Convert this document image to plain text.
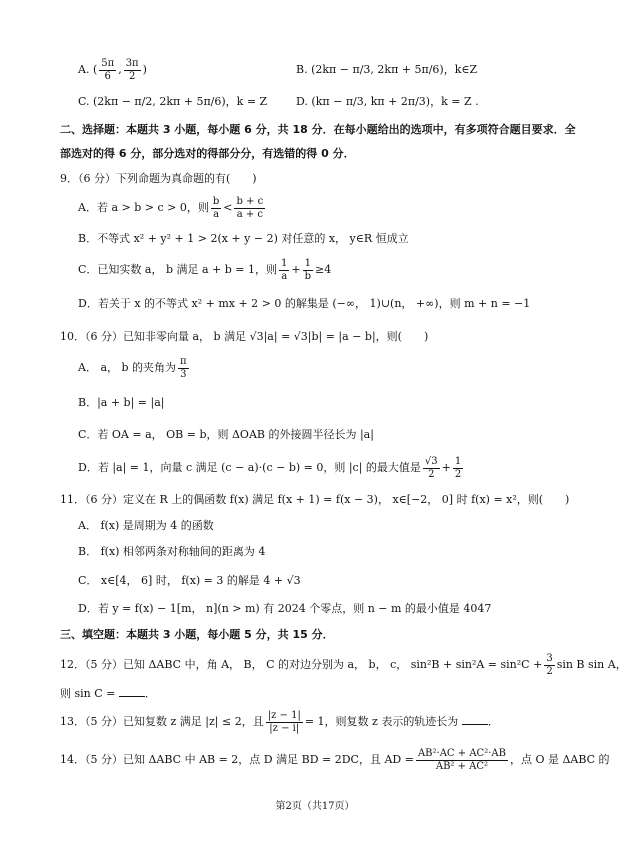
A. ( $\frac{5\pi}{6}$ , $\frac{3\pi}{2}$ )	B. (2kπ − π/3, 2kπ + 5π/6)，k∈Z
C. (2kπ − π/2, 2kπ + 5π/6)，k = Z	D. (kπ − π/3, kπ + 2π/3)，k = Z .
二、选择题：本题共 3 小题，每小题 6 分，共 18 分．在每小题给出的选项中，有多项符合题目要求．全
部选对的得 6 分，部分选对的得部分分，有选错的得 0 分．
9．（6 分）下列命题为真命题的有(　　)
A．若 a > b > c > 0，则 $\frac{b}{a} < \frac{b + c}{a + c}$
B．不等式 x² + y² + 1 > 2(x + y − 2) 对任意的 x， y∈R 恒成立
C．已知实数 a， b 满足 a + b = 1，则 $\frac{1}{a} + \frac{1}{b} \ge 4$
D．若关于 x 的不等式 x² + mx + 2 > 0 的解集是 (−∞， 1)∪(n， +∞)，则 m + n = −1
10．（6 分）已知非零向量 a， b 满足 √3|a| = √3|b| = |a − b|，则(　　)
A． a， b 的夹角为 $\frac{\pi}{3}$
B．|a + b| = |a|
C．若 OA = a， OB = b，则 ΔOAB 的外接圆半径长为 |a|
D．若 |a| = 1，向量 c 满足 (c − a)·(c − b) = 0，则 |c| 的最大值是 $\frac{√3}{2} + \frac{1}{2}$
11．（6 分）定义在 R 上的偶函数 f(x) 满足 f(x + 1) = f(x − 3)， x∈[−2， 0] 时 f(x) = x²，则(　　)
A． f(x) 是周期为 4 的函数
B． f(x) 相邻两条对称轴间的距离为 4
C． x∈[4， 6] 时， f(x) = 3 的解是 4 + √3
D．若 y = f(x) − 1[m， n](n > m) 有 2024 个零点，则 n − m 的最小值是 4047
三、填空题：本题共 3 小题，每小题 5 分，共 15 分．
12．（5 分）已知 ΔABC 中，角 A， B， C 的对边分别为 a， b， c， $\sin^2B + \sin^2A = \sin^2C + \frac{3}{2}$ sin B sin A，
则 sin C =	．
13．（5 分）已知复数 z 满足 |z| ≤ 2，且 $\frac{|z - 1|}{|z - i|} = 1$，则复数 z 表示的轨迹长为	．
14．（5 分）已知 ΔABC 中 AB = 2，点 D 满足 BD = 2DC，且 AD = $\frac{\text{AB²·AC + AC²·AB}}{\text{AB² + AC²}}$ ，点 O 是 ΔABC 的
第2页（共17页）
